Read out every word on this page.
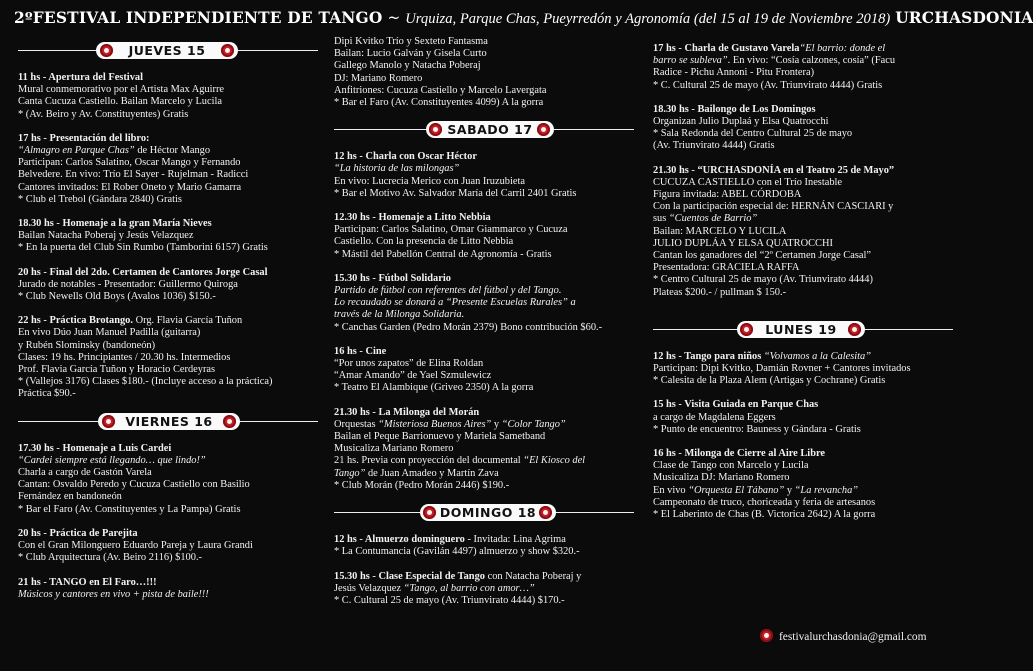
2ºFESTIVAL INDEPENDIENTE DE TANGO ~ Urquiza, Parque Chas, Pueyrredón y Agronomía (del 15 al 19 de Noviembre 2018) URCHASDONIA
JUEVES 15

11 hs - Apertura del Festival

Mural conmemorativo por el Artista Max Aguirre

Canta Cucuza Castiello. Bailan Marcelo y Lucila

* (Av. Beiro y Av. Constituyentes) Gratis

17 hs - Presentación del libro:

“Almagro en Parque Chas” de Héctor Mango

Participan: Carlos Salatino, Oscar Mango y Fernando

Belvedere. En vivo: Trío El Sayer - Rujelman - Radicci

Cantores invitados: El Rober Oneto y Mario Gamarra

* Club el Trebol (Gándara 2840) Gratis

18.30 hs - Homenaje a la gran María Nieves

Bailan Natacha Poberaj y Jesús Velazquez

* En la puerta del Club Sin Rumbo (Tamborini 6157) Gratis

20 hs - Final del 2do. Certamen de Cantores Jorge Casal

Jurado de notables - Presentador: Guillermo Quiroga

* Club Newells Old Boys (Avalos 1036) $150.-

22 hs - Práctica Brotango. Org. Flavia García Tuñon

En vivo Dúo Juan Manuel Padilla (guitarra)

y Rubén Slominsky (bandoneón)

Clases: 19 hs. Principiantes / 20.30 hs. Intermedios

Prof. Flavia García Tuñon y Horacio Cerdeyras

* (Vallejos 3176) Clases $180.- (Incluye acceso a la práctica)

Práctica $90.-

VIERNES 16

17.30 hs - Homenaje a Luis Cardei

“Cardei siempre está llegando… que lindo!”

Charla a cargo de Gastón Varela

Cantan: Osvaldo Peredo y Cucuza Castiello con Basilio

Fernández en bandoneón

* Bar el Faro (Av. Constituyentes y La Pampa) Gratis

20 hs - Práctica de Parejita

Con el Gran Milonguero Eduardo Pareja y Laura Grandi

* Club Arquitectura (Av. Beiro 2116) $100.-

21 hs - TANGO en El Faro…!!!

Músicos y cantores en vivo + pista de baile!!!

Dipi Kvitko Trío y Sexteto Fantasma

Bailan: Lucio Galván y Gisela Curto

Gallego Manolo y Natacha Poberaj

DJ: Mariano Romero

Anfitriones: Cucuza Castiello y Marcelo Lavergata

* Bar el Faro (Av. Constituyentes 4099) A la gorra

SABADO 17

12 hs - Charla con Oscar Héctor

“La historia de las milongas”

En vivo: Lucrecia Merico con Juan Iruzubieta

* Bar el Motivo Av. Salvador María del Carril 2401 Gratis

12.30 hs - Homenaje a Litto Nebbia

Participan: Carlos Salatino, Omar Giammarco y Cucuza

Castiello. Con la presencia de Litto Nebbia

* Mástil del Pabellón Central de Agronomía - Gratis

15.30 hs - Fútbol Solidario

Partido de fútbol con referentes del fútbol y del Tango.

Lo recaudado se donará a “Presente Escuelas Rurales” a

través de la Milonga Solidaria.

* Canchas Garden (Pedro Morán 2379) Bono contribución $60.-

16 hs - Cine

“Por unos zapatos” de Elina Roldan

“Amar Amando” de Yael Szmulewicz

* Teatro El Alambique (Griveo 2350) A la gorra

21.30 hs - La Milonga del Morán

Orquestas “Misteriosa Buenos Aires” y “Color Tango”

Bailan el Peque Barrionuevo y Mariela Sametband

Musicaliza Mariano Romero

21 hs. Previa con proyección del documental “El Kiosco del

Tango” de Juan Amadeo y Martín Zava

* Club Morán (Pedro Morán 2446) $190.-

DOMINGO 18

12 hs - Almuerzo dominguero - Invitada: Lina Agrima

* La Contumancia (Gavilán 4497) almuerzo y show $320.-

15.30 hs - Clase Especial de Tango con Natacha Poberaj y

Jesús Velazquez “Tango, al barrio con amor…”

* C. Cultural 25 de mayo (Av. Triunvirato 4444) $170.-

17 hs - Charla de Gustavo Varela“El barrio: donde el

barro se subleva”. En vivo: “Cosía calzones, cosía” (Facu

Radice - Pichu Annoni - Pitu Frontera)

* C. Cultural 25 de mayo (Av. Triunvirato 4444) Gratis

18.30 hs - Bailongo de Los Domingos

Organizan Julio Duplaá y Elsa Quatrocchi

* Sala Redonda del Centro Cultural 25 de mayo

(Av. Triunvirato 4444) Gratis

21.30 hs - “URCHASDONÍA en el Teatro 25 de Mayo”

CUCUZA CASTIELLO con el Trío Inestable

Figura invitada: ABEL CÓRDOBA

Con la participación especial de: HERNÁN CASCIARI y

sus “Cuentos de Barrio”

Bailan: MARCELO Y LUCILA

JULIO DUPLÁA Y ELSA QUATROCCHI

Cantan los ganadores del “2º Certamen Jorge Casal”

Presentadora: GRACIELA RAFFA

* Centro Cultural 25 de mayo (Av. Triunvirato 4444)

Plateas $200.- / pullman $ 150.-

LUNES 19

12 hs - Tango para niños “Volvamos a la Calesita”

Participan: Dipi Kvitko, Damián Rovner + Cantores invitados

* Calesita de la Plaza Alem (Artigas y Cochrane) Gratis

15 hs - Visita Guiada en Parque Chas

a cargo de Magdalena Eggers

* Punto de encuentro: Bauness y Gándara - Gratis

16 hs - Milonga de Cierre al Aire Libre

Clase de Tango con Marcelo y Lucila

Musicaliza DJ: Mariano Romero

En vivo “Orquesta El Tábano” y “La revancha”

Campeonato de truco, choriceada y feria de artesanos

* El Laberinto de Chas (B. Victorica 2642) A la gorra

festivalurchasdonia@gmail.com
